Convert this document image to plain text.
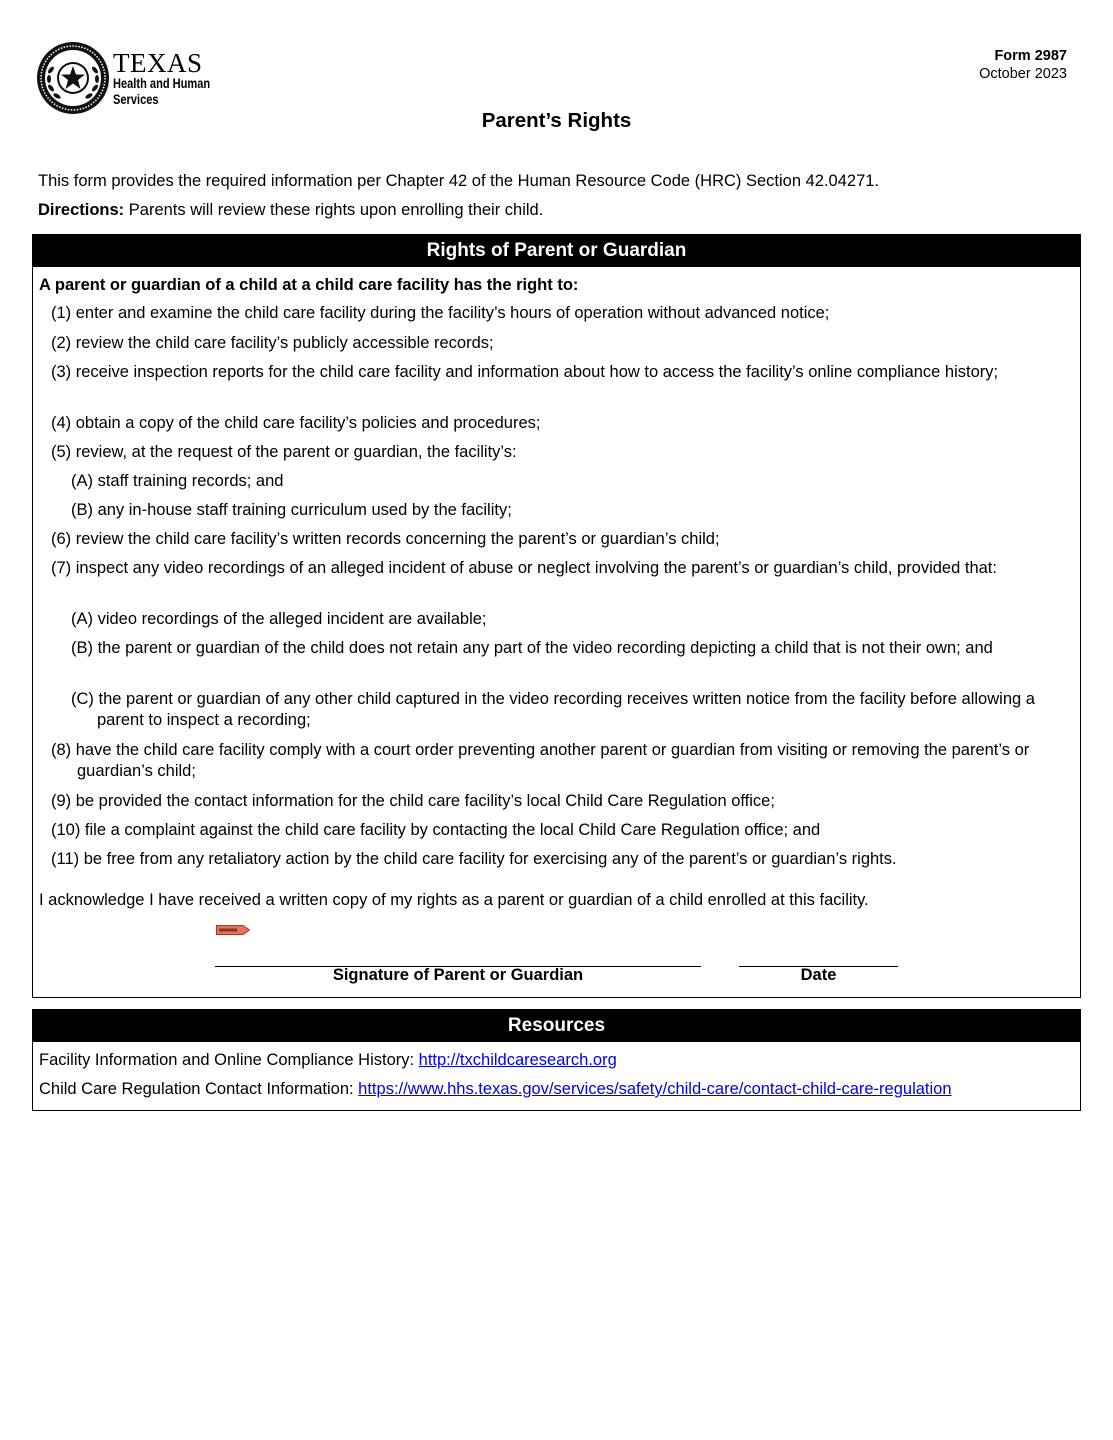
TEXAS
Health and Human
Services
Form 2987
October 2023
Parent’s Rights
This form provides the required information per Chapter 42 of the Human Resource Code (HRC) Section 42.04271.
Directions: Parents will review these rights upon enrolling their child.
Rights of Parent or Guardian
A parent or guardian of a child at a child care facility has the right to:
(1) enter and examine the child care facility during the facility’s hours of operation without advanced notice;
(2) review the child care facility’s publicly accessible records;
(3) receive inspection reports for the child care facility and information about how to access the facility’s online compliance history;
(4) obtain a copy of the child care facility’s policies and procedures;
(5) review, at the request of the parent or guardian, the facility’s:
(A) staff training records; and
(B) any in-house staff training curriculum used by the facility;
(6) review the child care facility’s written records concerning the parent’s or guardian’s child;
(7) inspect any video recordings of an alleged incident of abuse or neglect involving the parent’s or guardian’s child, provided that:
(A) video recordings of the alleged incident are available;
(B) the parent or guardian of the child does not retain any part of the video recording depicting a child that is not their own; and
(C) the parent or guardian of any other child captured in the video recording receives written notice from the facility before allowing a parent to inspect a recording;
(8) have the child care facility comply with a court order preventing another parent or guardian from visiting or removing the parent’s or guardian’s child;
(9) be provided the contact information for the child care facility’s local Child Care Regulation office;
(10) file a complaint against the child care facility by contacting the local Child Care Regulation office; and
(11) be free from any retaliatory action by the child care facility for exercising any of the parent’s or guardian’s rights.
I acknowledge I have received a written copy of my rights as a parent or guardian of a child enrolled at this facility.
Signature of Parent or Guardian	Date
Resources
Facility Information and Online Compliance History: http://txchildcaresearch.org
Child Care Regulation Contact Information: https://www.hhs.texas.gov/services/safety/child-care/contact-child-care-regulation
